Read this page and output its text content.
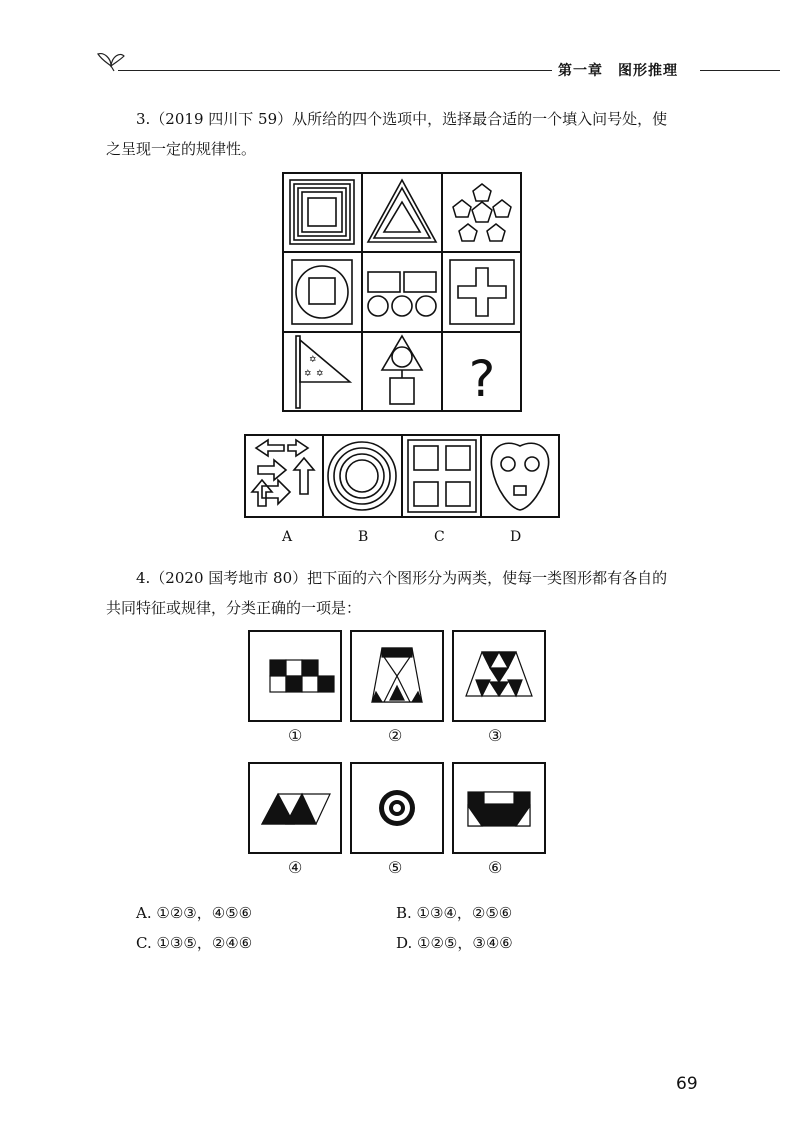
第一章　图形推理
3.（2019 四川下 59）从所给的四个选项中，选择最合适的一个填入问号处，使
之呈现一定的规律性。
✡
✡ ✡	?
A	B	C	D
4.（2020 国考地市 80）把下面的六个图形分为两类，使每一类图形都有各自的
共同特征或规律，分类正确的一项是：
①	②	③
④	⑤	⑥
A. ①②③，④⑤⑥	B. ①③④，②⑤⑥
C. ①③⑤，②④⑥	D. ①②⑤，③④⑥
69
